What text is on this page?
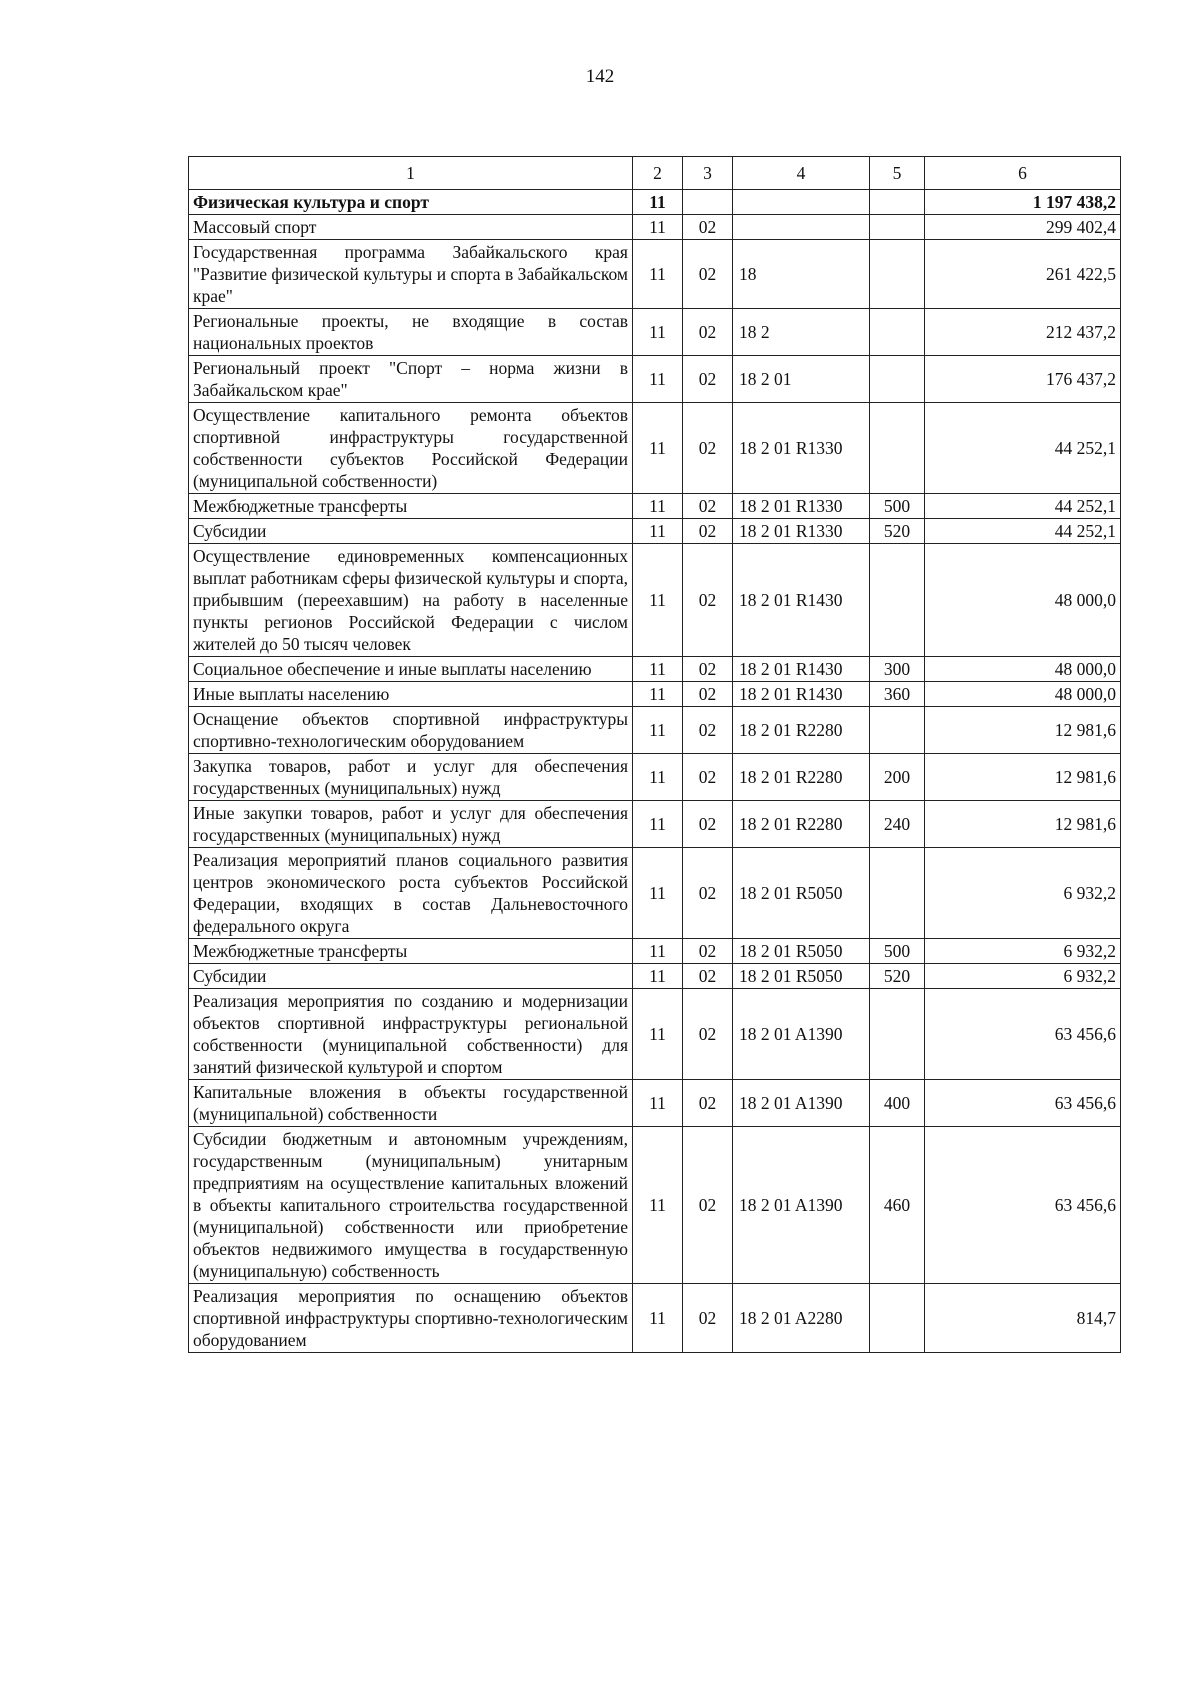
142
1	2	3	4	5	6
Физическая культура и спорт	11				1 197 438,2
Массовый спорт	11	02			299 402,4
Государственная программа Забайкальского края "Развитие физической культуры и спорта в Забайкальском крае"	11	02	18		261 422,5
Региональные проекты, не входящие в состав национальных проектов	11	02	18 2		212 437,2
Региональный проект "Спорт – норма жизни в Забайкальском крае"	11	02	18 2 01		176 437,2
Осуществление капитального ремонта объектов спортивной инфраструктуры государственной собственности субъектов Российской Федерации (муниципальной собственности)	11	02	18 2 01 R1330		44 252,1
Межбюджетные трансферты	11	02	18 2 01 R1330	500	44 252,1
Субсидии	11	02	18 2 01 R1330	520	44 252,1
Осуществление единовременных компенсационных выплат работникам сферы физической культуры и спорта, прибывшим (переехавшим) на работу в населенные пункты регионов Российской Федерации с числом жителей до 50 тысяч человек	11	02	18 2 01 R1430		48 000,0
Социальное обеспечение и иные выплаты населению	11	02	18 2 01 R1430	300	48 000,0
Иные выплаты населению	11	02	18 2 01 R1430	360	48 000,0
Оснащение объектов спортивной инфраструктуры спортивно-технологическим оборудованием	11	02	18 2 01 R2280		12 981,6
Закупка товаров, работ и услуг для обеспечения государственных (муниципальных) нужд	11	02	18 2 01 R2280	200	12 981,6
Иные закупки товаров, работ и услуг для обеспечения государственных (муниципальных) нужд	11	02	18 2 01 R2280	240	12 981,6
Реализация мероприятий планов социального развития центров экономического роста субъектов Российской Федерации, входящих в состав Дальневосточного федерального округа	11	02	18 2 01 R5050		6 932,2
Межбюджетные трансферты	11	02	18 2 01 R5050	500	6 932,2
Субсидии	11	02	18 2 01 R5050	520	6 932,2
Реализация мероприятия по созданию и модернизации объектов спортивной инфраструктуры региональной собственности (муниципальной собственности) для занятий физической культурой и спортом	11	02	18 2 01 A1390		63 456,6
Капитальные вложения в объекты государственной (муниципальной) собственности	11	02	18 2 01 A1390	400	63 456,6
Субсидии бюджетным и автономным учреждениям, государственным (муниципальным) унитарным предприятиям на осуществление капитальных вложений в объекты капитального строительства государственной (муниципальной) собственности или приобретение объектов недвижимого имущества в государственную (муниципальную) собственность	11	02	18 2 01 A1390	460	63 456,6
Реализация мероприятия по оснащению объектов спортивной инфраструктуры спортивно-технологическим оборудованием	11	02	18 2 01 A2280		814,7
